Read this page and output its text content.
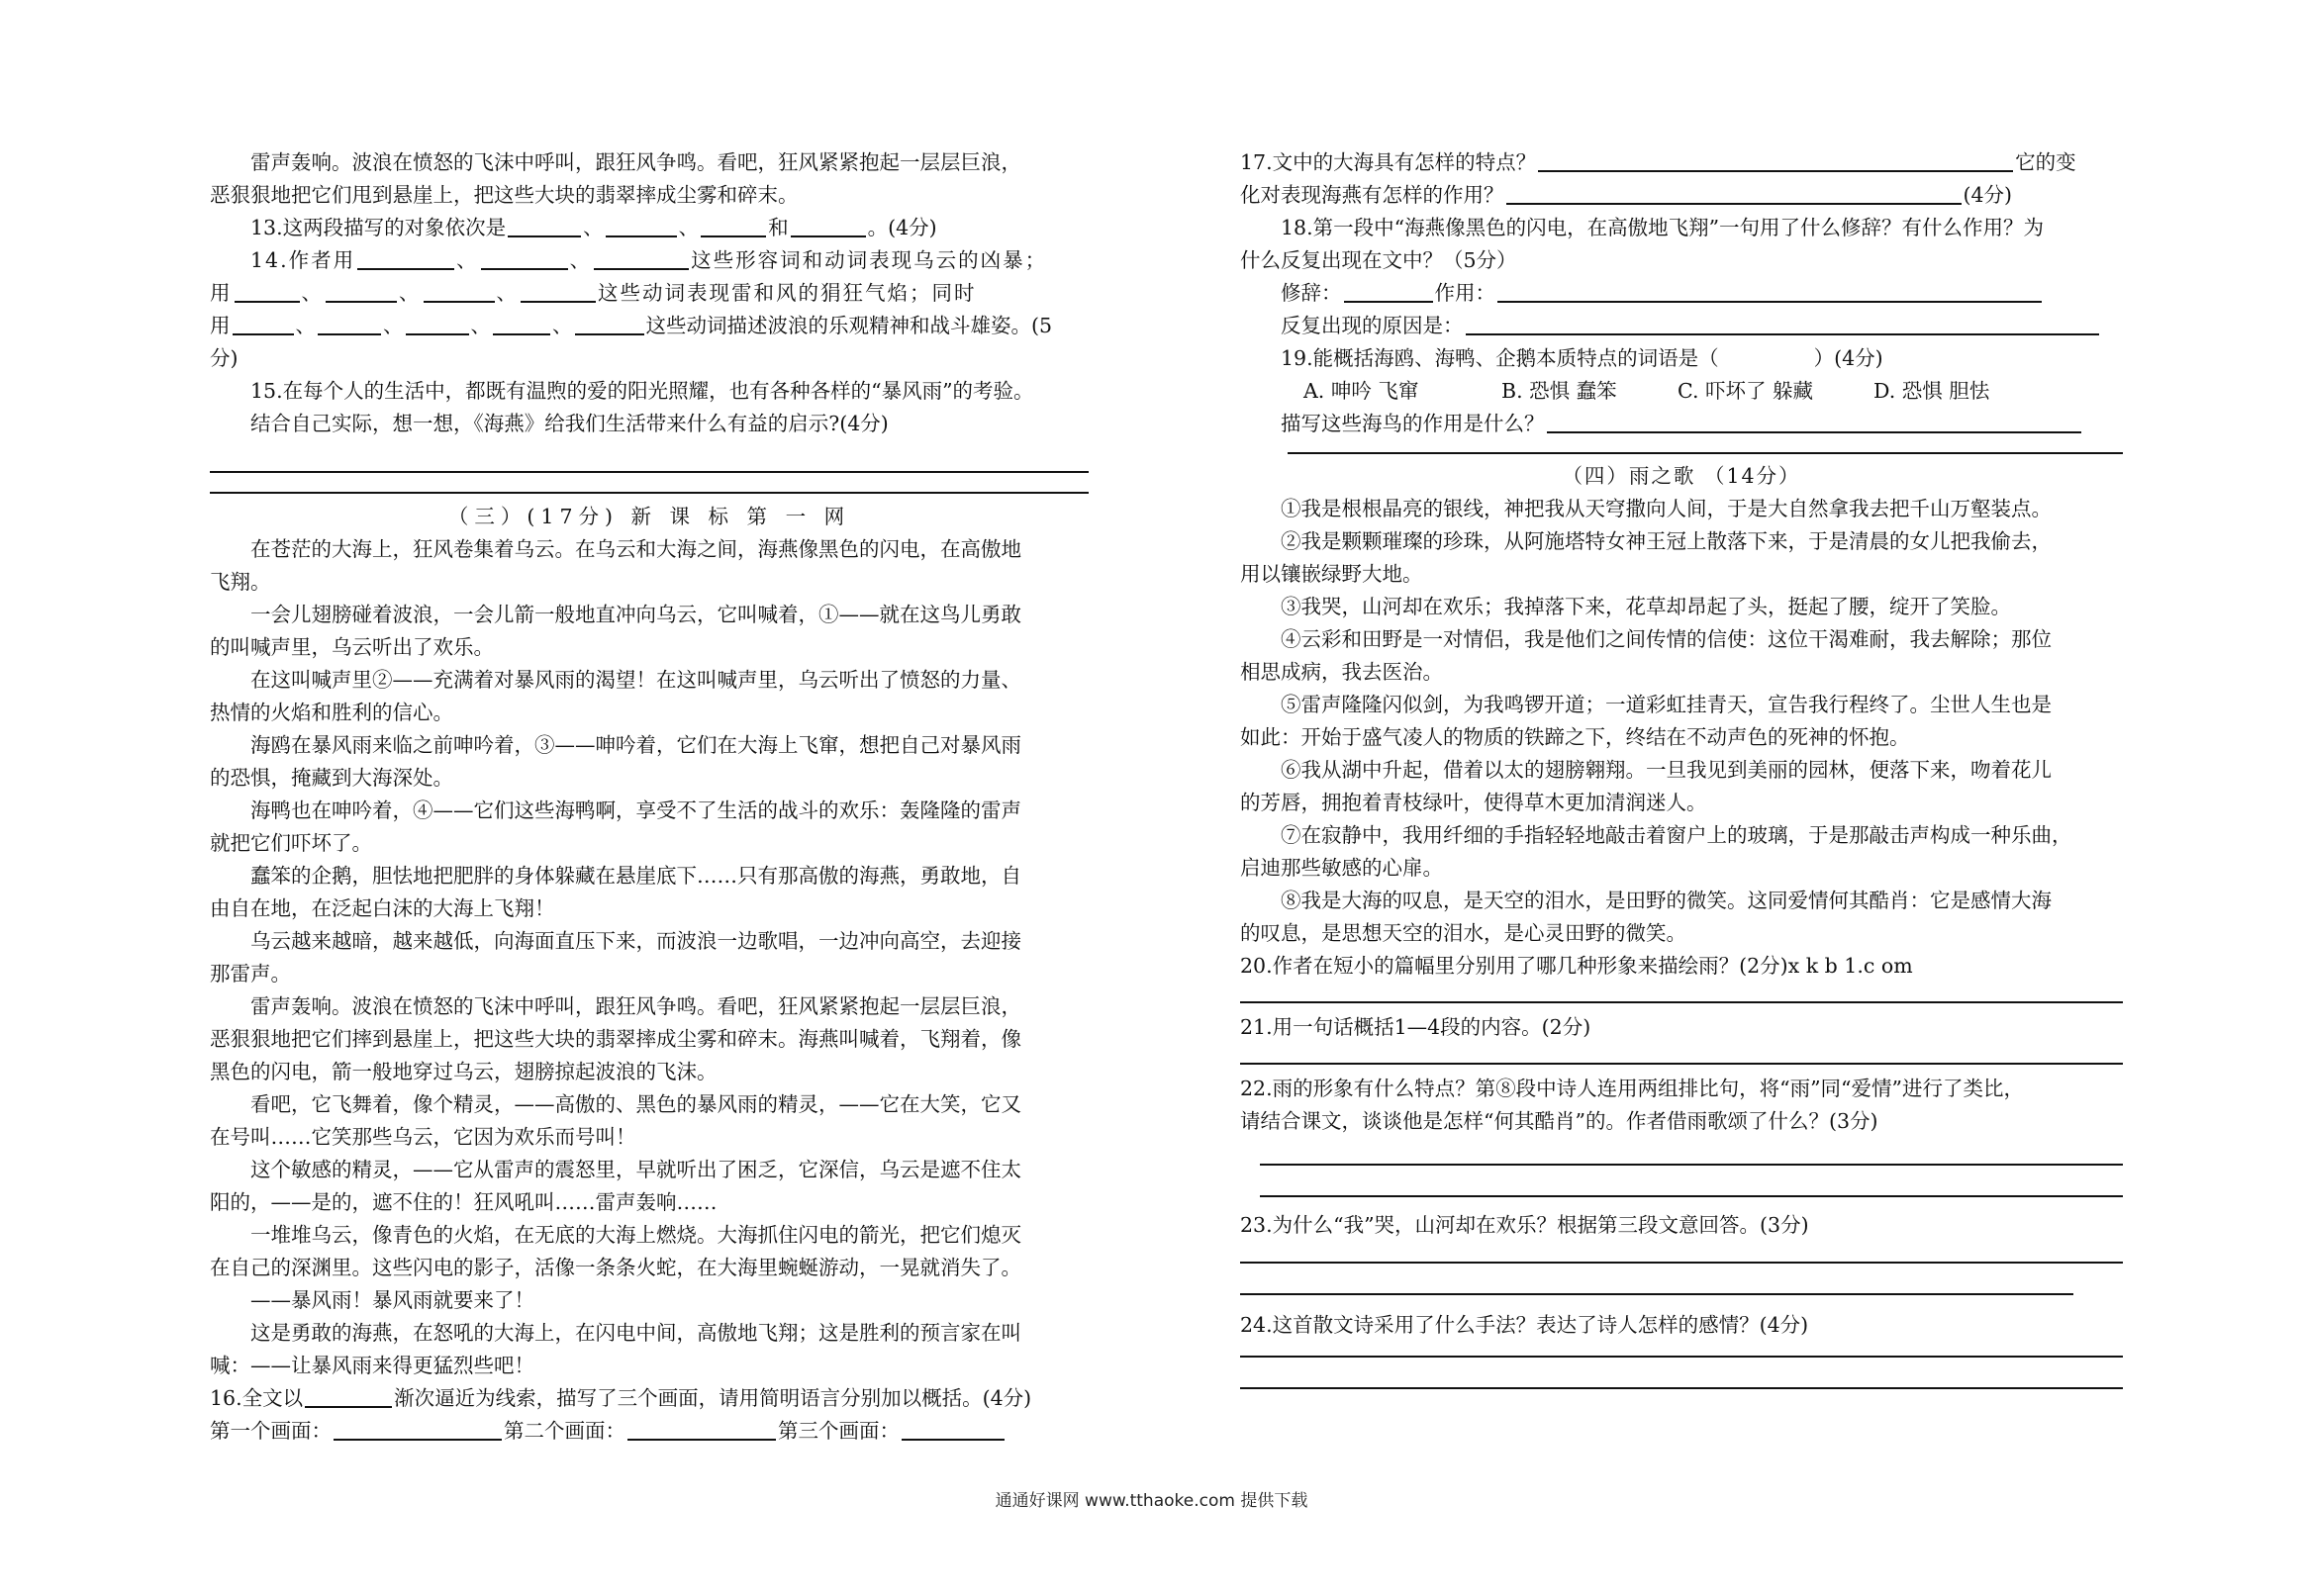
雷声轰响。波浪在愤怒的飞沫中呼叫，跟狂风争鸣。看吧，狂风紧紧抱起一层层巨浪，
恶狠狠地把它们甩到悬崖上，把这些大块的翡翠摔成尘雾和碎末。
13.这两段描写的对象依次是	、	、	和	。(4分)
14.作者用	、	、	这些形容词和动词表现乌云的凶暴；
用	、	、	、	这些动词表现雷和风的狷狂气焰；同时
用	、	、	、	、	这些动词描述波浪的乐观精神和战斗雄姿。(5
分)
15.在每个人的生活中，都既有温煦的爱的阳光照耀，也有各种各样的“暴风雨”的考验。
结合自己实际，想一想，《海燕》给我们生活带来什么有益的启示?(4分)
（三）(17分) 新 课 标 第 一 网
在苍茫的大海上，狂风卷集着乌云。在乌云和大海之间，海燕像黑色的闪电，在高傲地
飞翔。
一会儿翅膀碰着波浪，一会儿箭一般地直冲向乌云，它叫喊着，①——就在这鸟儿勇敢
的叫喊声里，乌云听出了欢乐。
在这叫喊声里②——充满着对暴风雨的渴望！在这叫喊声里，乌云听出了愤怒的力量、
热情的火焰和胜利的信心。
海鸥在暴风雨来临之前呻吟着，③——呻吟着，它们在大海上飞窜，想把自己对暴风雨
的恐惧，掩藏到大海深处。
海鸭也在呻吟着，④——它们这些海鸭啊，享受不了生活的战斗的欢乐：轰隆隆的雷声
就把它们吓坏了。
蠢笨的企鹅，胆怯地把肥胖的身体躲藏在悬崖底下……只有那高傲的海燕，勇敢地，自
由自在地，在泛起白沫的大海上飞翔！
乌云越来越暗，越来越低，向海面直压下来，而波浪一边歌唱，一边冲向高空，去迎接
那雷声。
雷声轰响。波浪在愤怒的飞沫中呼叫，跟狂风争鸣。看吧，狂风紧紧抱起一层层巨浪，
恶狠狠地把它们摔到悬崖上，把这些大块的翡翠摔成尘雾和碎末。海燕叫喊着，飞翔着，像
黑色的闪电，箭一般地穿过乌云，翅膀掠起波浪的飞沫。
看吧，它飞舞着，像个精灵，——高傲的、黑色的暴风雨的精灵，——它在大笑，它又
在号叫……它笑那些乌云，它因为欢乐而号叫！
这个敏感的精灵，——它从雷声的震怒里，早就听出了困乏，它深信，乌云是遮不住太
阳的，——是的，遮不住的！狂风吼叫……雷声轰响……
一堆堆乌云，像青色的火焰，在无底的大海上燃烧。大海抓住闪电的箭光，把它们熄灭
在自己的深渊里。这些闪电的影子，活像一条条火蛇，在大海里蜿蜒游动，一晃就消失了。
——暴风雨！暴风雨就要来了！
这是勇敢的海燕，在怒吼的大海上，在闪电中间，高傲地飞翔；这是胜利的预言家在叫
喊：——让暴风雨来得更猛烈些吧！
16.全文以	渐次逼近为线索，描写了三个画面，请用简明语言分别加以概括。(4分)
第一个画面：	第二个画面：	第三个画面：
17.文中的大海具有怎样的特点？	它的变
化对表现海燕有怎样的作用？	(4分)
18.第一段中“海燕像黑色的闪电，在高傲地飞翔”一句用了什么修辞？有什么作用？为
什么反复出现在文中？（5分）
修辞：	作用：
反复出现的原因是：
19.能概括海鸥、海鸭、企鹅本质特点的词语是（	）(4分)
A. 呻吟 飞窜	B. 恐惧 蠢笨	C. 吓坏了 躲藏	D. 恐惧 胆怯
描写这些海鸟的作用是什么？
（四）雨之歌 （14分）
①我是根根晶亮的银线，神把我从天穹撒向人间，于是大自然拿我去把千山万壑装点。
②我是颗颗璀璨的珍珠，从阿施塔特女神王冠上散落下来，于是清晨的女儿把我偷去，
用以镶嵌绿野大地。
③我哭，山河却在欢乐；我掉落下来，花草却昂起了头，挺起了腰，绽开了笑脸。
④云彩和田野是一对情侣，我是他们之间传情的信使：这位干渴难耐，我去解除；那位
相思成病，我去医治。
⑤雷声隆隆闪似剑，为我鸣锣开道；一道彩虹挂青天，宣告我行程终了。尘世人生也是
如此：开始于盛气凌人的物质的铁蹄之下，终结在不动声色的死神的怀抱。
⑥我从湖中升起，借着以太的翅膀翱翔。一旦我见到美丽的园林，便落下来，吻着花儿
的芳唇，拥抱着青枝绿叶，使得草木更加清润迷人。
⑦在寂静中，我用纤细的手指轻轻地敲击着窗户上的玻璃，于是那敲击声构成一种乐曲，
启迪那些敏感的心扉。
⑧我是大海的叹息，是天空的泪水，是田野的微笑。这同爱情何其酷肖：它是感情大海
的叹息，是思想天空的泪水，是心灵田野的微笑。
20.作者在短小的篇幅里分别用了哪几种形象来描绘雨？(2分)x k b 1.c om
21.用一句话概括1—4段的内容。(2分)
22.雨的形象有什么特点？第⑧段中诗人连用两组排比句，将“雨”同“爱情”进行了类比，
请结合课文，谈谈他是怎样“何其酷肖”的。作者借雨歌颂了什么？(3分)
23.为什么“我”哭，山河却在欢乐？根据第三段文意回答。(3分)
24.这首散文诗采用了什么手法？表达了诗人怎样的感情？(4分)
通通好课网 www.tthaoke.com 提供下载
